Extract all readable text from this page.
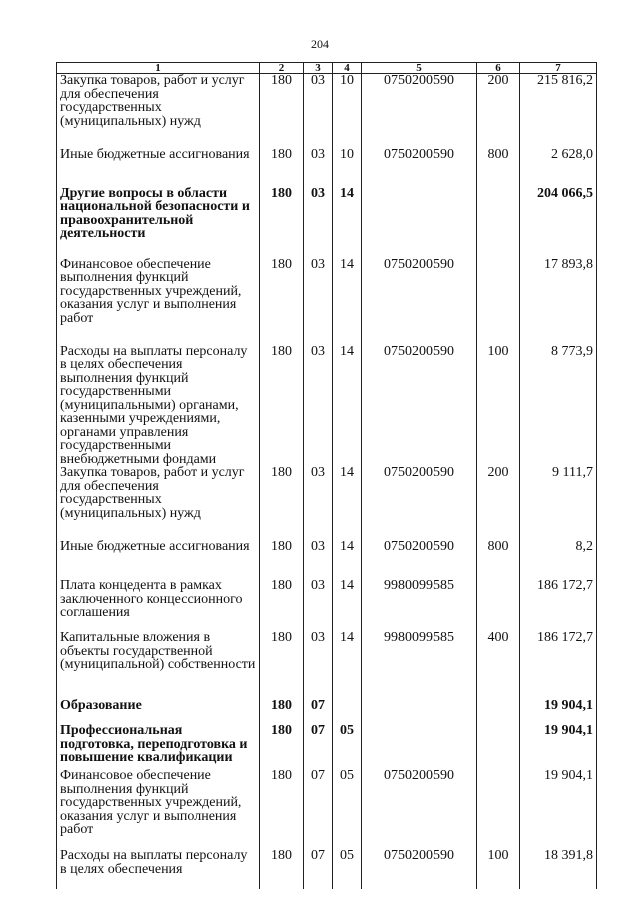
204
1	2	3	4	5	6	7
Закупка товаров, работ и услуг для обеспечения государственных (муниципальных) нужд	180	03	10	0750200590	200	215 816,2
Иные бюджетные ассигнования	180	03	10	0750200590	800	2 628,0
Другие вопросы в области национальной безопасности и правоохранительной деятельности	180	03	14			204 066,5
Финансовое обеспечение выполнения функций государственных учреждений, оказания услуг и выполнения работ	180	03	14	0750200590		17 893,8
Расходы на выплаты персоналу в целях обеспечения выполнения функций государственными (муниципальными) органами, казенными учреждениями, органами управления государственными внебюджетными фондами	180	03	14	0750200590	100	8 773,9
Закупка товаров, работ и услуг для обеспечения государственных (муниципальных) нужд	180	03	14	0750200590	200	9 111,7
Иные бюджетные ассигнования	180	03	14	0750200590	800	8,2
Плата концедента в рамках заключенного концессионного соглашения	180	03	14	9980099585		186 172,7
Капитальные вложения в объекты государственной (муниципальной) собственности	180	03	14	9980099585	400	186 172,7
Образование	180	07				19 904,1
Профессиональная подготовка, переподготовка и повышение квалификации	180	07	05			19 904,1
Финансовое обеспечение выполнения функций государственных учреждений, оказания услуг и выполнения работ	180	07	05	0750200590		19 904,1
Расходы на выплаты персоналу в целях обеспечения	180	07	05	0750200590	100	18 391,8
